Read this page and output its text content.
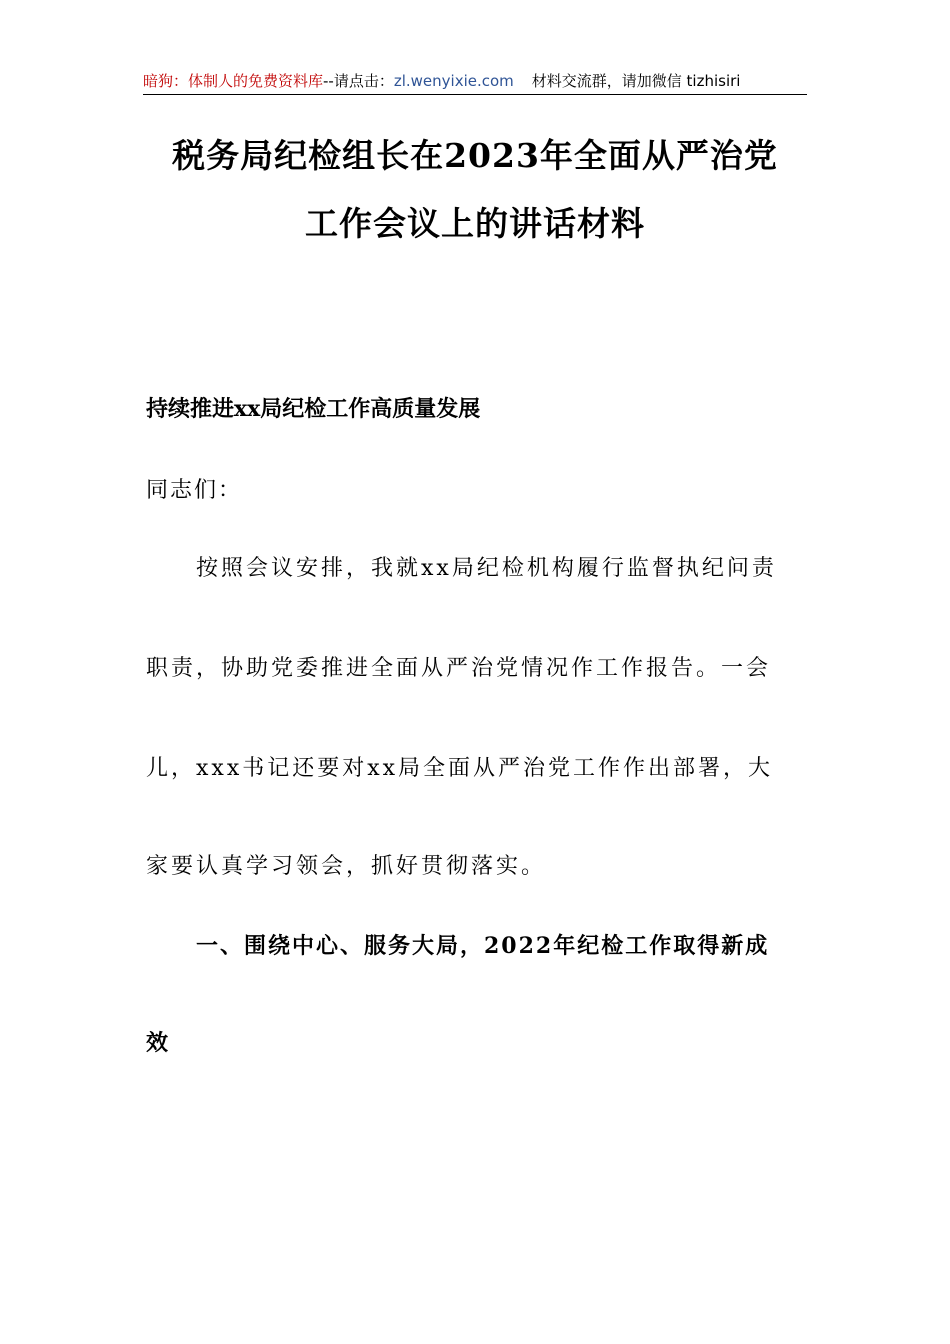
暗狗：体制人的免费资料库--请点击：zl.wenyixie.com 材料交流群，请加微信 tizhisiri
税务局纪检组长在2023年全面从严治党
工作会议上的讲话材料
持续推进xx局纪检工作高质量发展
同志们：
按照会议安排，我就xx局纪检机构履行监督执纪问责
职责，协助党委推进全面从严治党情况作工作报告。一会
儿，xxx书记还要对xx局全面从严治党工作作出部署，大
家要认真学习领会，抓好贯彻落实。
一、围绕中心、服务大局，2022年纪检工作取得新成
效
